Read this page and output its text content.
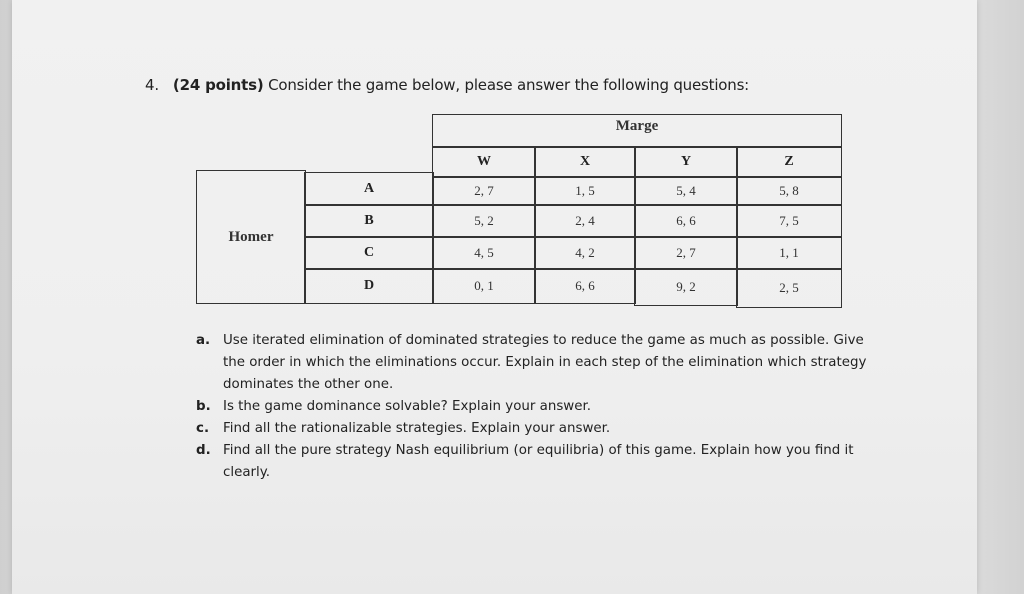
4. (24 points) Consider the game below, please answer the following questions:
Marge
W	X	Y	Z
Homer
A	2, 7	1, 5	5, 4	5, 8
B	5, 2	2, 4	6, 6	7, 5
C	4, 5	4, 2	2, 7	1, 1
D	0, 1	6, 6	9, 2	2, 5
a. Use iterated elimination of dominated strategies to reduce the game as much as possible. Give the order in which the eliminations occur. Explain in each step of the elimination which strategy dominates the other one.
b. Is the game dominance solvable? Explain your answer.
c. Find all the rationalizable strategies. Explain your answer.
d. Find all the pure strategy Nash equilibrium (or equilibria) of this game. Explain how you find it clearly.
